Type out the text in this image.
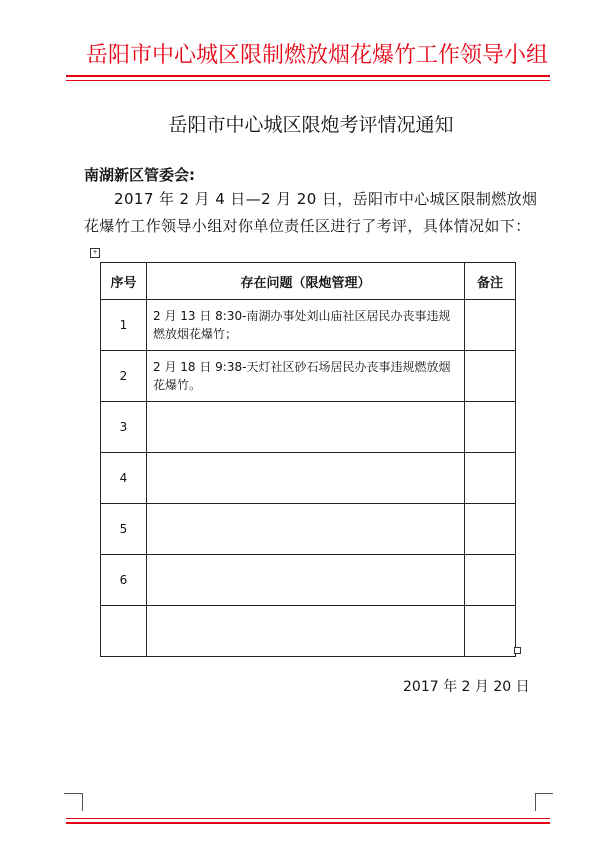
岳阳市中心城区限制燃放烟花爆竹工作领导小组
岳阳市中心城区限炮考评情况通知
南湖新区管委会:
2017 年 2 月 4 日—2 月 20 日，岳阳市中心城区限制燃放烟花爆竹工作领导小组对你单位责任区进行了考评，具体情况如下：
+
序号	存在问题（限炮管理）	备注
1	2 月 13 日 8:30-南湖办事处刘山庙社区居民办丧事违规燃放烟花爆竹；	
2	2 月 18 日 9:38-天灯社区砂石场居民办丧事违规燃放烟花爆竹。	
3		
4		
5		
6		

2017 年 2 月 20 日
